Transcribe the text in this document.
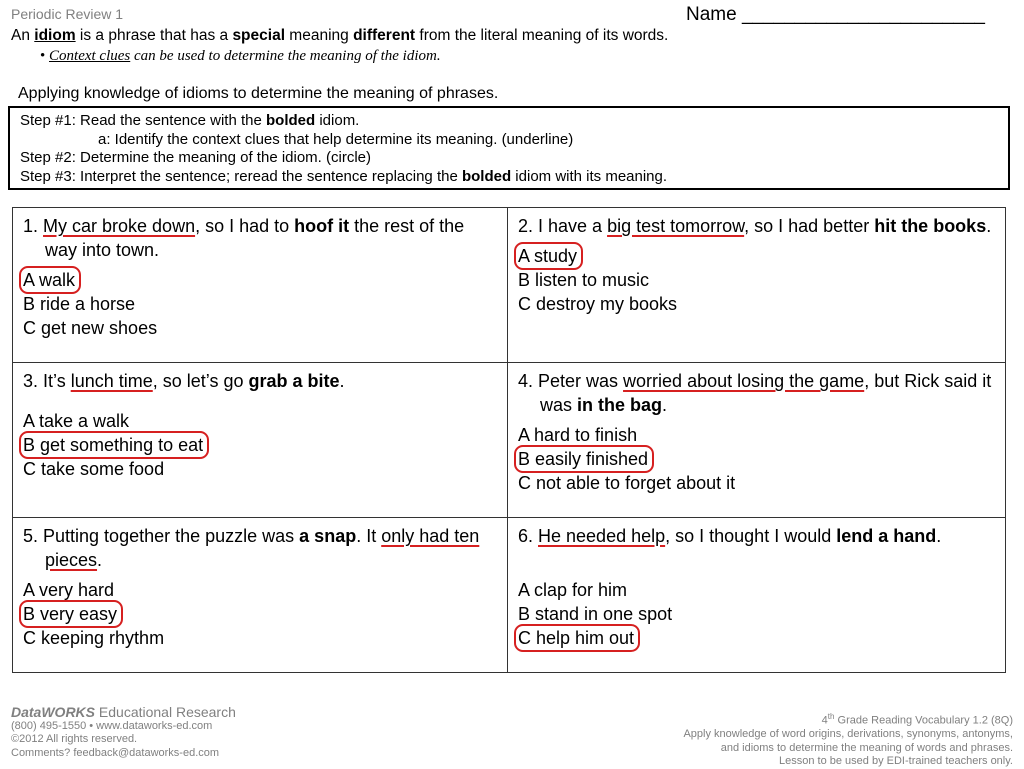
Periodic Review 1	Name _______________________
An idiom is a phrase that has a special meaning different from the literal meaning of its words.
• Context clues can be used to determine the meaning of the idiom.
Applying knowledge of idioms to determine the meaning of phrases.
Step #1: Read the sentence with the bolded idiom.
a: Identify the context clues that help determine its meaning. (underline)
Step #2: Determine the meaning of the idiom. (circle)
Step #3: Interpret the sentence; reread the sentence replacing the bolded idiom with its meaning.

1. My car broke down, so I had to hoof it the rest of the way into town.

A walk
B ride a horse
C get new shoes

2. I have a big test tomorrow, so I had better hit the books.

A study
B listen to music
C destroy my books

3. It’s lunch time, so let’s go grab a bite.

A take a walk
B get something to eat
C take some food

4. Peter was worried about losing the game, but Rick said it was in the bag.

A hard to finish
B easily finished
C not able to forget about it

5. Putting together the puzzle was a snap. It only had ten pieces.

A very hard
B very easy
C keeping rhythm

6. He needed help, so I thought I would lend a hand.

A clap for him
B stand in one spot
C help him out
DataWORKS Educational Research
(800) 495-1550 • www.dataworks-ed.com
©2012 All rights reserved.
Comments? feedback@dataworks-ed.com
4th Grade Reading Vocabulary 1.2 (8Q)
Apply knowledge of word origins, derivations, synonyms, antonyms,
and idioms to determine the meaning of words and phrases.
Lesson to be used by EDI-trained teachers only.
